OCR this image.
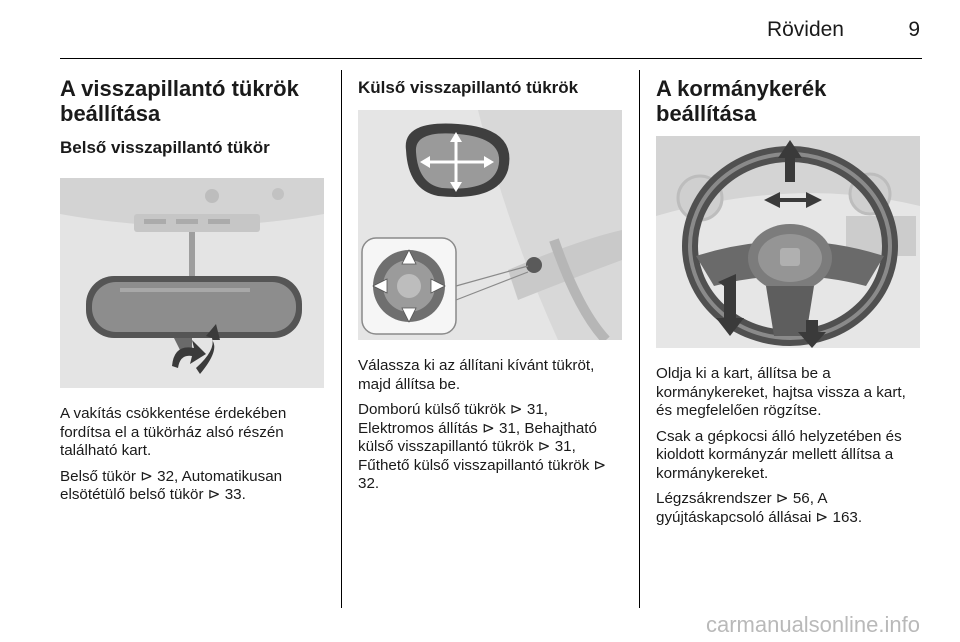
Röviden	9
A visszapillantó tükrök beállítása
Belső visszapillantó tükör

A vakítás csökkentése érdekében fordítsa el a tükörház alsó részén található kart.

Belső tükör ⊳ 32, Automatikusan elsötétülő belső tükör ⊳ 33.

Külső visszapillantó tükrök

Válassza ki az állítani kívánt tükröt, majd állítsa be.

Domború külső tükrök ⊳ 31, Elektromos állítás ⊳ 31, Behajtható külső visszapillantó tükrök ⊳ 31, Fűthető külső visszapillantó tükrök ⊳ 32.

A kormánykerék beállítása

Oldja ki a kart, állítsa be a kormánykereket, hajtsa vissza a kart, és megfelelően rögzítse.

Csak a gépkocsi álló helyzetében és kioldott kormányzár mellett állítsa a kormánykereket.

Légzsákrendszer ⊳ 56, A gyújtáskapcsoló állásai ⊳ 163.

carmanualsonline.info
